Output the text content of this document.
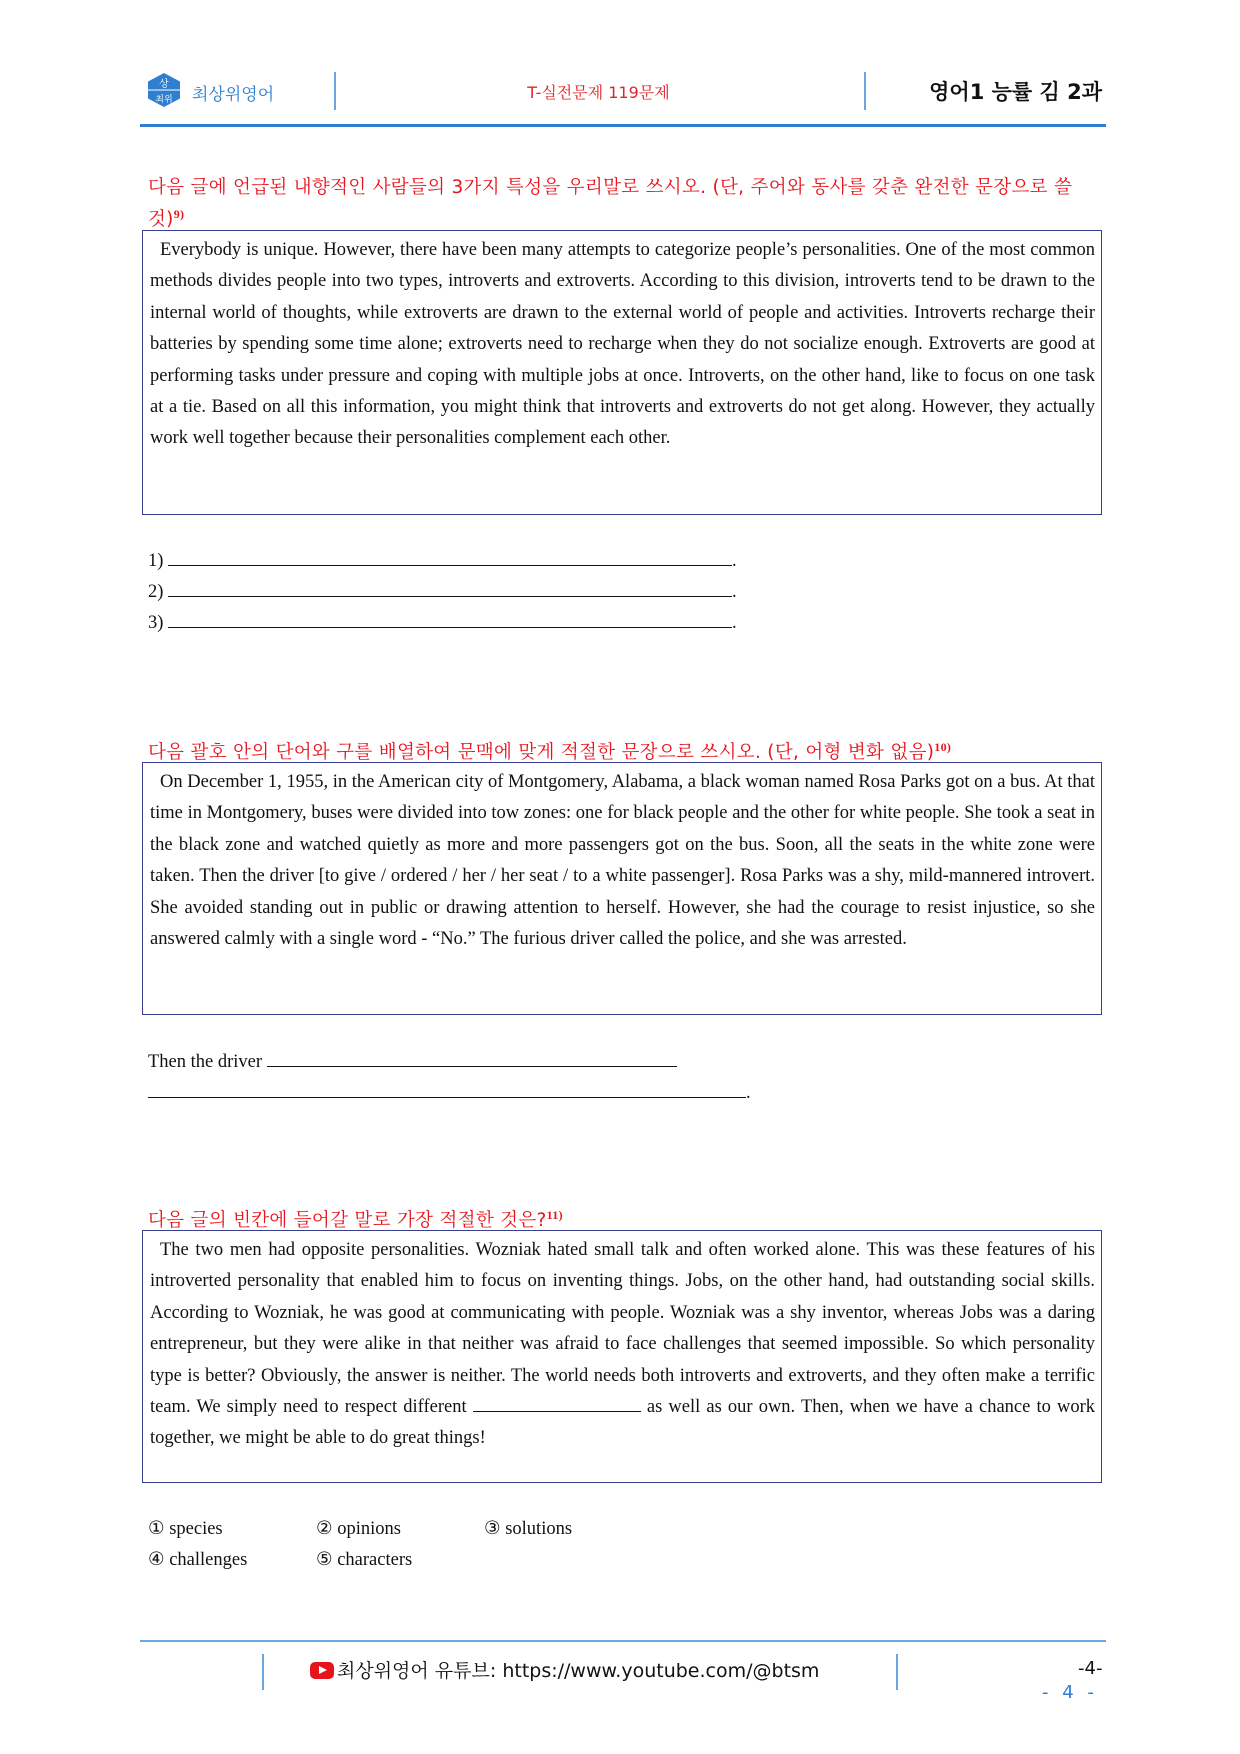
상
최위 최상위영어	T-실전문제 119문제	영어1 능률 김 2과
다음 글에 언급된 내향적인 사람들의 3가지 특성을 우리말로 쓰시오. (단, 주어와 동사를 갖춘 완전한 문장으로 쓸 것)$^{9)}$

Everybody is unique. However, there have been many attempts to categorize people’s personalities. One of the most common methods divides people into two types, introverts and extroverts. According to this division, introverts tend to be drawn to the internal world of thoughts, while extroverts are drawn to the external world of people and activities. Introverts recharge their batteries by spending some time alone; extroverts need to recharge when they do not socialize enough. Extroverts are good at performing tasks under pressure and coping with multiple jobs at once. Introverts, on the other hand, like to focus on one task at a tie. Based on all this information, you might think that introverts and extroverts do not get along. However, they actually work well together because their personalities complement each other.

1)	.
2)	.
3)	.
다음 괄호 안의 단어와 구를 배열하여 문맥에 맞게 적절한 문장으로 쓰시오. (단, 어형 변화 없음)$^{10)}$

On December 1, 1955, in the American city of Montgomery, Alabama, a black woman named Rosa Parks got on a bus. At that time in Montgomery, buses were divided into tow zones: one for black people and the other for white people. She took a seat in the black zone and watched quietly as more and more passengers got on the bus. Soon, all the seats in the white zone were taken. Then the driver [to give / ordered / her / her seat / to a white passenger]. Rosa Parks was a shy, mild-mannered introvert. She avoided standing out in public or drawing attention to herself. However, she had the courage to resist injustice, so she answered calmly with a single word - “No.” The furious driver called the police, and she was arrested.

Then the driver
.
다음 글의 빈칸에 들어갈 말로 가장 적절한 것은?$^{11)}$

The two men had opposite personalities. Wozniak hated small talk and often worked alone. This was these features of his introverted personality that enabled him to focus on inventing things. Jobs, on the other hand, had outstanding social skills. According to Wozniak, he was good at communicating with people. Wozniak was a shy inventor, whereas Jobs was a daring entrepreneur, but they were alike in that neither was afraid to face challenges that seemed impossible. So which personality type is better? Obviously, the answer is neither. The world needs both introverts and extroverts, and they often make a terrific team. We simply need to respect different	as well as our own. Then, when we have a chance to work together, we might be able to do great things!

① species	② opinions	③ solutions
④ challenges	⑤ characters
최상위영어 유튜브: https://www.youtube.com/@btsm	-4-
- 4 -
